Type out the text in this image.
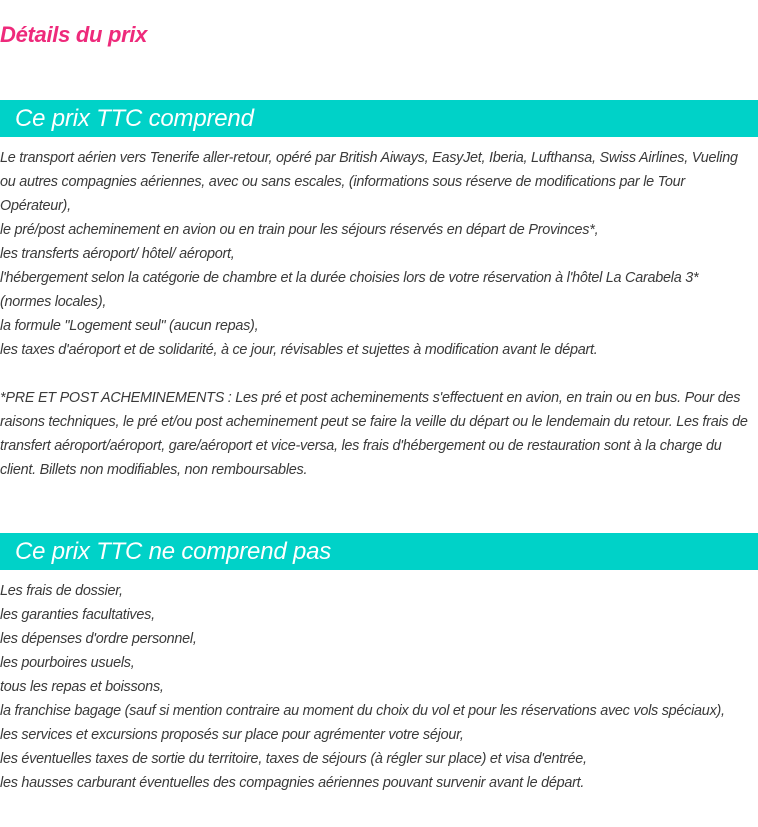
Détails du prix
Ce prix TTC comprend

Le transport aérien vers Tenerife aller-retour, opéré par British Aiways, EasyJet, Iberia, Lufthansa, Swiss Airlines, Vueling ou autres compagnies aériennes, avec ou sans escales, (informations sous réserve de modifications par le Tour Opérateur),

le pré/post acheminement en avion ou en train pour les séjours réservés en départ de Provinces*,

les transferts aéroport/ hôtel/ aéroport,

l'hébergement selon la catégorie de chambre et la durée choisies lors de votre réservation à l'hôtel La Carabela 3* (normes locales),

la formule "Logement seul" (aucun repas),

les taxes d'aéroport et de solidarité, à ce jour, révisables et sujettes à modification avant le départ.

*PRE ET POST ACHEMINEMENTS : Les pré et post acheminements s'effectuent en avion, en train ou en bus. Pour des raisons techniques, le pré et/ou post acheminement peut se faire la veille du départ ou le lendemain du retour. Les frais de transfert aéroport/aéroport, gare/aéroport et vice-versa, les frais d'hébergement ou de restauration sont à la charge du client. Billets non modifiables, non remboursables.

Ce prix TTC ne comprend pas

Les frais de dossier,

les garanties facultatives,

les dépenses d'ordre personnel,

les pourboires usuels,

tous les repas et boissons,

la franchise bagage (sauf si mention contraire au moment du choix du vol et pour les réservations avec vols spéciaux),

les services et excursions proposés sur place pour agrémenter votre séjour,

les éventuelles taxes de sortie du territoire, taxes de séjours (à régler sur place) et visa d'entrée,

les hausses carburant éventuelles des compagnies aériennes pouvant survenir avant le départ.
